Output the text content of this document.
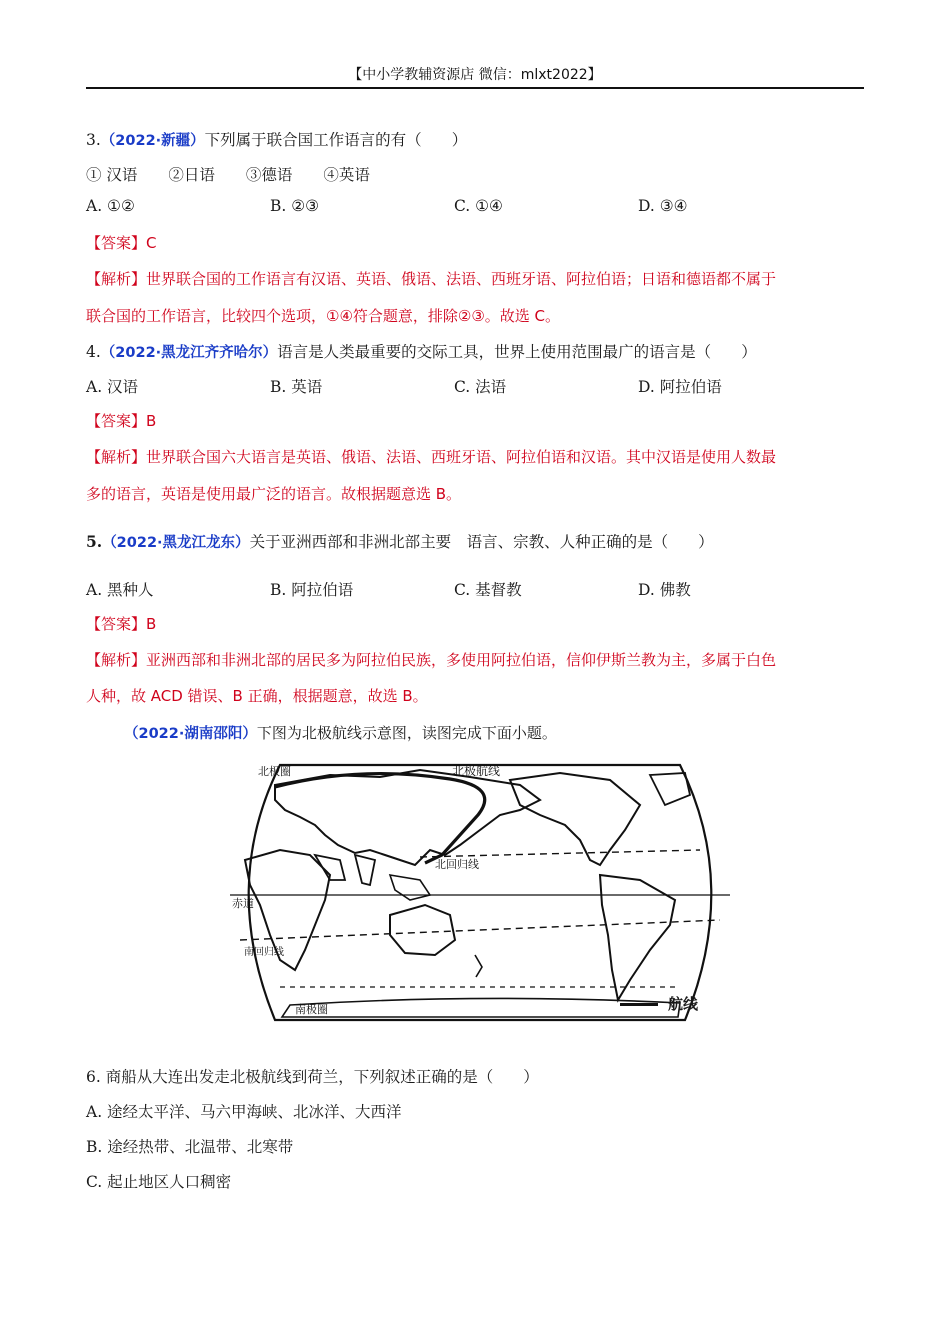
【中小学教辅资源店 微信：mlxt2022】
3.（2022·新疆）下列属于联合国工作语言的有（ ）
① 汉语　　②日语　　③德语　　④英语
A. ①②	B. ②③	C. ①④	D. ③④
【答案】C
【解析】世界联合国的工作语言有汉语、英语、俄语、法语、西班牙语、阿拉伯语；日语和德语都不属于
联合国的工作语言，比较四个选项，①④符合题意，排除②③。故选 C。
4.（2022·黑龙江齐齐哈尔）语言是人类最重要的交际工具，世界上使用范围最广的语言是（ ）
A. 汉语	B. 英语	C. 法语	D. 阿拉伯语
【答案】B
【解析】世界联合国六大语言是英语、俄语、法语、西班牙语、阿拉伯语和汉语。其中汉语是使用人数最
多的语言，英语是使用最广泛的语言。故根据题意选 B。
5.（2022·黑龙江龙东）关于亚洲西部和非洲北部主要　语言、宗教、人种正确的是（ ）
A. 黑种人	B. 阿拉伯语	C. 基督教	D. 佛教
【答案】B
【解析】亚洲西部和非洲北部的居民多为阿拉伯民族，多使用阿拉伯语，信仰伊斯兰教为主，多属于白色
人种，故 ACD 错误、B 正确，根据题意，故选 B。
（2022·湖南邵阳）下图为北极航线示意图，读图完成下面小题。
北极圈	北极航线
北回归线
赤道
南回归线
南极圈	航线
6. 商船从大连出发走北极航线到荷兰，下列叙述正确的是（ ）
A. 途经太平洋、马六甲海峡、北冰洋、大西洋
B. 途经热带、北温带、北寒带
C. 起止地区人口稠密
